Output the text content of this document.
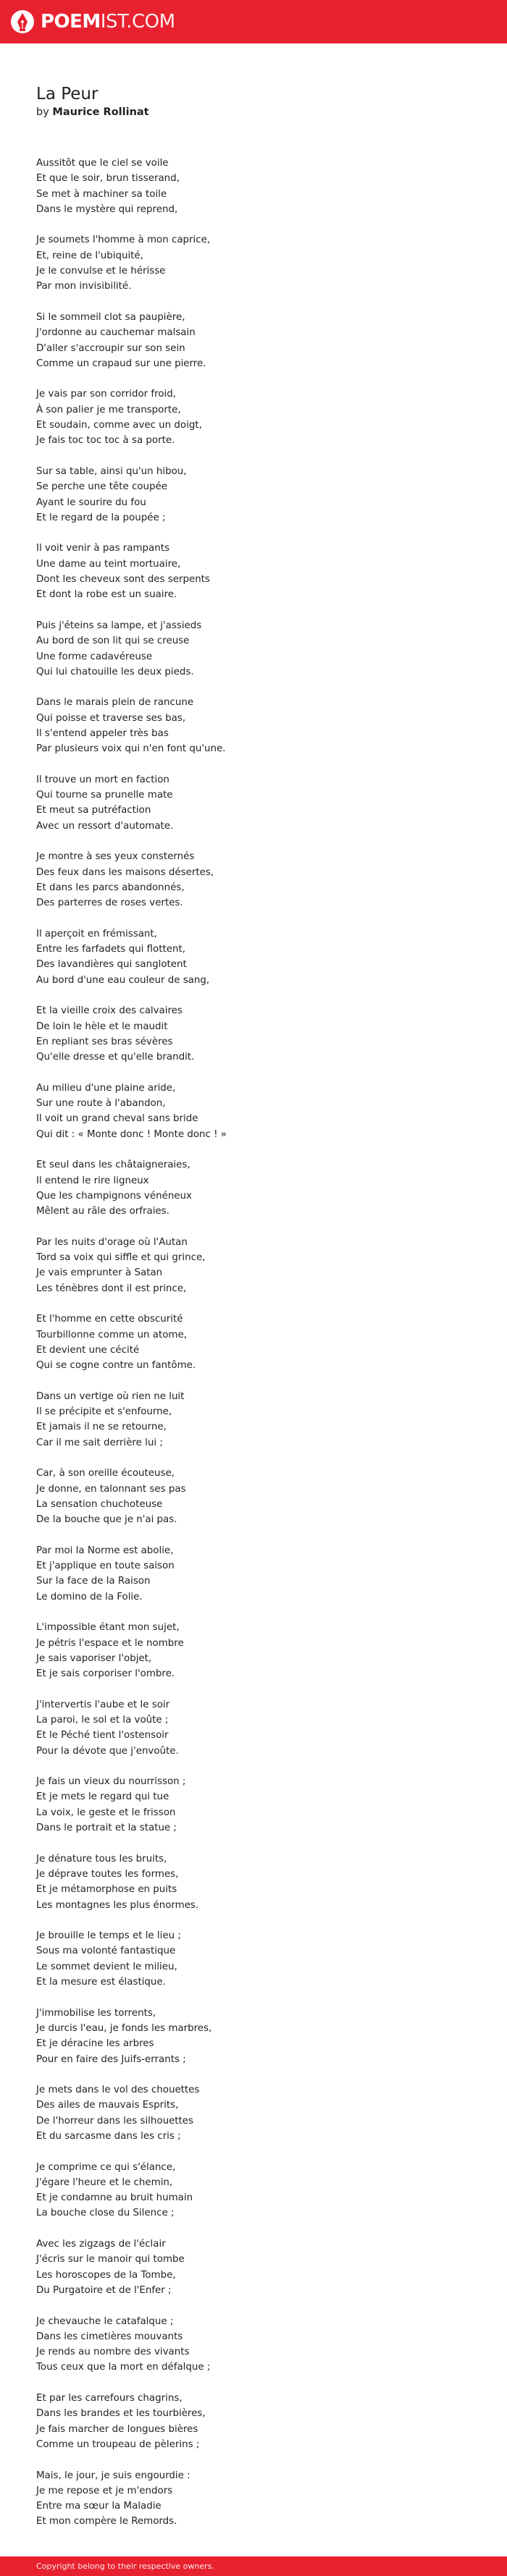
POEMIST.COM
La Peur
by Maurice Rollinat
Aussitôt que le ciel se voile
Et que le soir, brun tisserand,
Se met à machiner sa toile
Dans le mystère qui reprend,
Je soumets l'homme à mon caprice,
Et, reine de l'ubiquité,
Je le convulse et le hérisse
Par mon invisibilité.
Si le sommeil clot sa paupière,
J'ordonne au cauchemar malsain
D'aller s'accroupir sur son sein
Comme un crapaud sur une pierre.
Je vais par son corridor froid,
À son palier je me transporte,
Et soudain, comme avec un doigt,
Je fais toc toc toc à sa porte.
Sur sa table, ainsi qu'un hibou,
Se perche une tête coupée
Ayant le sourire du fou
Et le regard de la poupée ;
Il voit venir à pas rampants
Une dame au teint mortuaire,
Dont les cheveux sont des serpents
Et dont la robe est un suaire.
Puis j'éteins sa lampe, et j'assieds
Au bord de son lit qui se creuse
Une forme cadavéreuse
Qui lui chatouille les deux pieds.
Dans le marais plein de rancune
Qui poisse et traverse ses bas,
Il s'entend appeler très bas
Par plusieurs voix qui n'en font qu'une.
Il trouve un mort en faction
Qui tourne sa prunelle mate
Et meut sa putréfaction
Avec un ressort d'automate.
Je montre à ses yeux consternés
Des feux dans les maisons désertes,
Et dans les parcs abandonnés,
Des parterres de roses vertes.
Il aperçoit en frémissant,
Entre les farfadets qui flottent,
Des lavandières qui sanglotent
Au bord d'une eau couleur de sang,
Et la vieille croix des calvaires
De loin le hèle et le maudit
En repliant ses bras sévères
Qu'elle dresse et qu'elle brandit.
Au milieu d'une plaine aride,
Sur une route à l'abandon,
Il voit un grand cheval sans bride
Qui dit : « Monte donc ! Monte donc ! »
Et seul dans les châtaigneraies,
Il entend le rire ligneux
Que les champignons vénéneux
Mêlent au râle des orfraies.
Par les nuits d'orage où l'Autan
Tord sa voix qui siffle et qui grince,
Je vais emprunter à Satan
Les ténèbres dont il est prince,
Et l'homme en cette obscurité
Tourbillonne comme un atome,
Et devient une cécité
Qui se cogne contre un fantôme.
Dans un vertige où rien ne luit
Il se précipite et s'enfourne,
Et jamais il ne se retourne,
Car il me sait derrière lui ;
Car, à son oreille écouteuse,
Je donne, en talonnant ses pas
La sensation chuchoteuse
De la bouche que je n'ai pas.
Par moi la Norme est abolie,
Et j'applique en toute saison
Sur la face de la Raison
Le domino de la Folie.
L'impossible étant mon sujet,
Je pétris l'espace et le nombre
Je sais vaporiser l'objet,
Et je sais corporiser l'ombre.
J'intervertis l'aube et le soir
La paroi, le sol et la voûte ;
Et le Péché tient l'ostensoir
Pour la dévote que j'envoûte.
Je fais un vieux du nourrisson ;
Et je mets le regard qui tue
La voix, le geste et le frisson
Dans le portrait et la statue ;
Je dénature tous les bruits,
Je déprave toutes les formes,
Et je métamorphose en puits
Les montagnes les plus énormes.
Je brouille le temps et le lieu ;
Sous ma volonté fantastique
Le sommet devient le milieu,
Et la mesure est élastique.
J'immobilise les torrents,
Je durcis l'eau, je fonds les marbres,
Et je déracine les arbres
Pour en faire des Juifs-errants ;
Je mets dans le vol des chouettes
Des ailes de mauvais Esprits,
De l'horreur dans les silhouettes
Et du sarcasme dans les cris ;
Je comprime ce qui s'élance,
J'égare l'heure et le chemin,
Et je condamne au bruit humain
La bouche close du Silence ;
Avec les zigzags de l'éclair
J'écris sur le manoir qui tombe
Les horoscopes de la Tombe,
Du Purgatoire et de l'Enfer ;
Je chevauche le catafalque ;
Dans les cimetières mouvants
Je rends au nombre des vivants
Tous ceux que la mort en défalque ;
Et par les carrefours chagrins,
Dans les brandes et les tourbières,
Je fais marcher de longues bières
Comme un troupeau de pèlerins ;
Mais, le jour, je suis engourdie :
Je me repose et je m'endors
Entre ma sœur la Maladie
Et mon compère le Remords.
Copyright belong to their respective owners.
